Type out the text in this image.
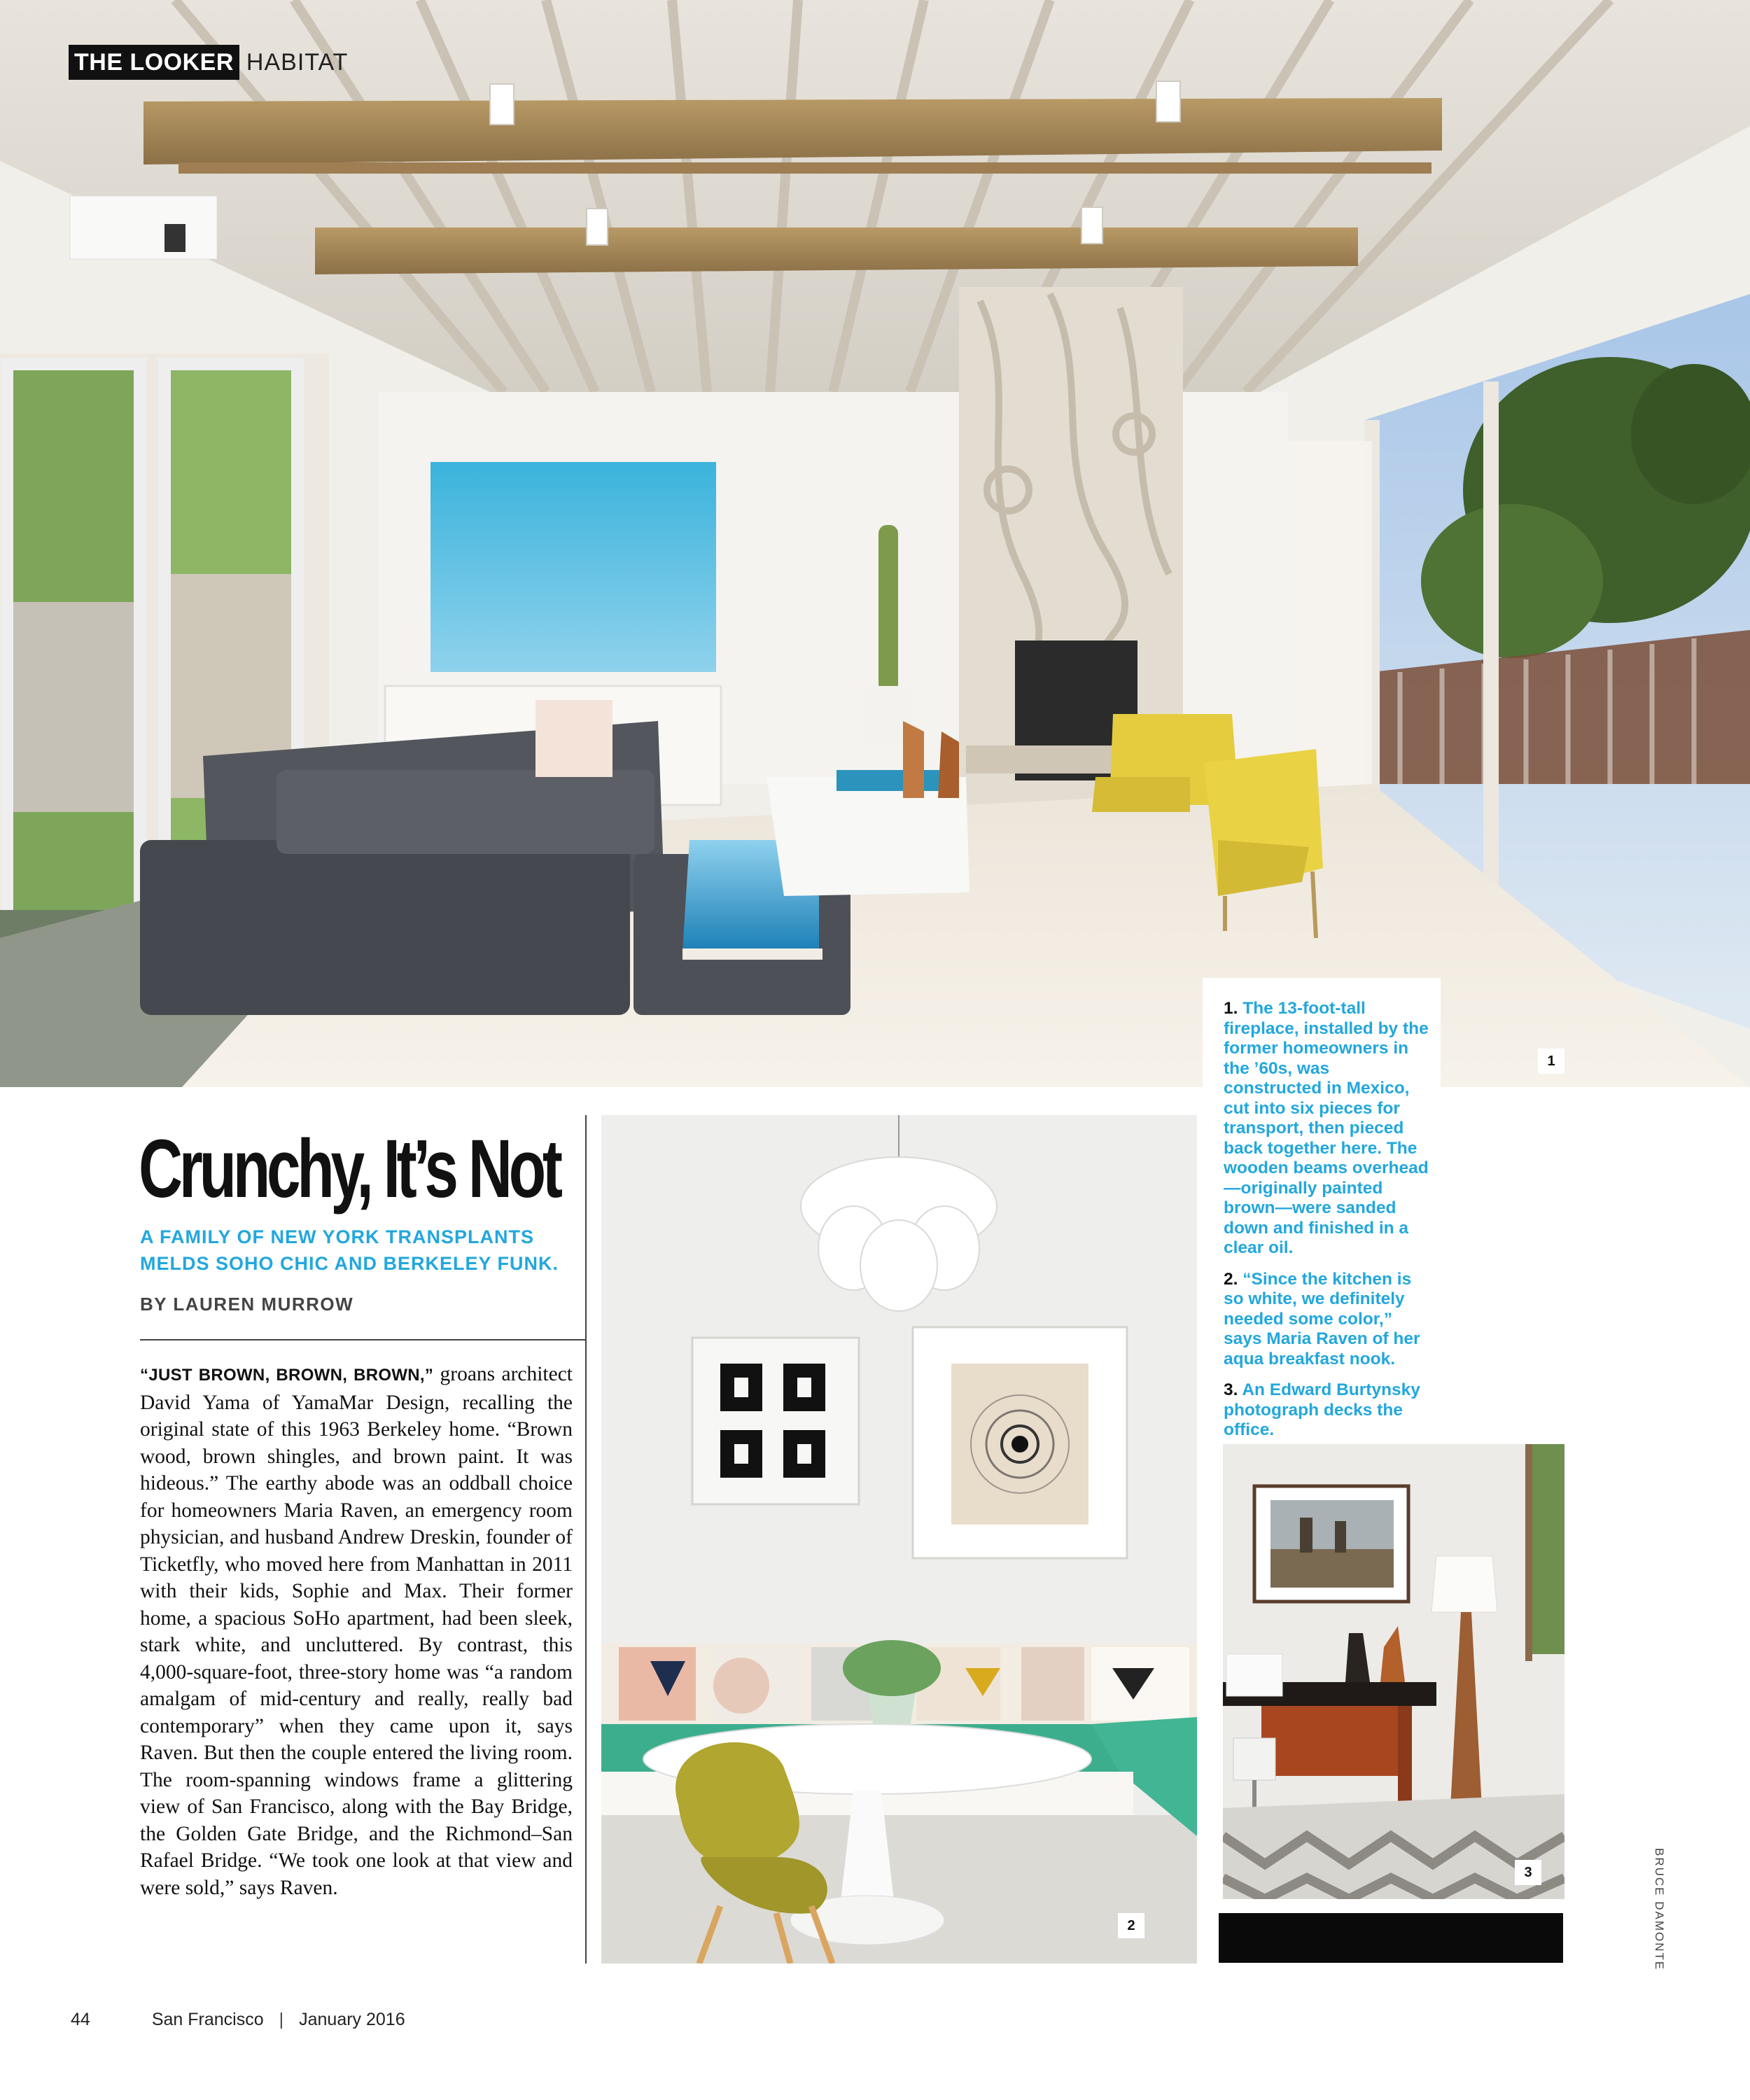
THE LOOKER HABITAT
1

1. The 13-foot-tall fireplace, installed by the former homeowners in the ’60s, was constructed in Mexico, cut into six pieces for transport, then pieced back together here. The wooden beams overhead—originally painted brown—were sanded down and finished in a clear oil.

2. “Since the kitchen is so white, we definitely needed some color,” says Maria Raven of her aqua breakfast nook.

3. An Edward Burtynsky photograph decks the office.

Crunchy, It’s Not
A FAMILY OF NEW YORK TRANSPLANTS MELDS SOHO CHIC AND BERKELEY FUNK.
BY LAUREN MURROW
“JUST BROWN, BROWN, BROWN,” groans architect David Yama of YamaMar Design, recalling the original state of this 1963 Berkeley home. “Brown wood, brown shingles, and brown paint. It was hideous.” The earthy abode was an oddball choice for homeowners Maria Raven, an emergency room physician, and husband Andrew Dreskin, founder of Ticketfly, who moved here from Manhattan in 2011 with their kids, Sophie and Max. Their former home, a spacious SoHo apartment, had been sleek, stark white, and uncluttered. By contrast, this 4,000-square-foot, three-story home was “a random amalgam of mid-century and really, really bad contemporary” when they came upon it, says Raven. But then the couple entered the living room. The room-spanning windows frame a glittering view of San Francisco, along with the Bay Bridge, the Golden Gate Bridge, and the Richmond–San Rafael Bridge. “We took one look at that view and were sold,” says Raven.
2
3	BRUCE DAMONTE
44	San Francisco | January 2016
